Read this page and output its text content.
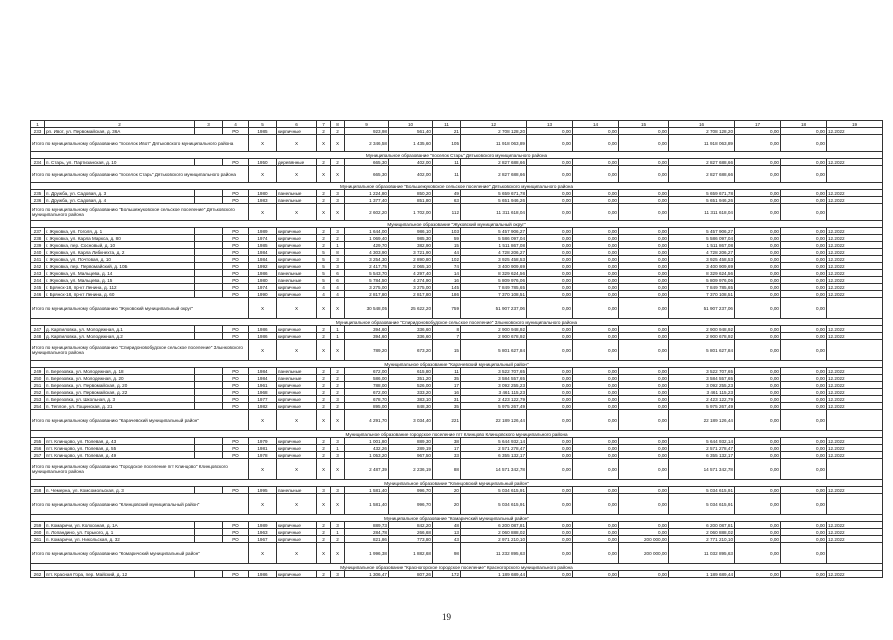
1	2	3	4	5	6	7	8	9	10	11	12	13	14	15	16	17	18	19
233	рп. Ивот, ул. Первомайская, д. 36А		РО	1985	кирпичные	2	2	923,98	561,40	21	2 708 128,20	0,00	0,00	0,00	2 708 128,20	0,00	0,00	12.2022
Итого по муниципальному образованию "поселок Ивот" Дятьковского муниципального района				X	X	X	X	2 346,58	1 435,60	105	11 918 063,89	0,00	0,00	0,00	11 918 063,89	0,00	0,00	
Муниципальное образование "поселок Старь" Дятьковского муниципального района																		
234	п. Старь, ул. Партизанская, д. 10		РО	1950	деревянные	2	2	665,30	402,00	11	2 827 688,66	0,00	0,00	0,00	2 827 688,66	0,00	0,00	12.2022
Итого по муниципальному образованию "поселок Старь" Дятьковского муниципального района				X	X	X	X	665,30	402,00	11	2 827 688,66	0,00	0,00	0,00	2 827 688,66	0,00	0,00	
Муниципальное образование "Большежуковское сельское поселение" Дятьковского муниципального района																		
235	п. Дружба, ул. Садовая, д. 3		РО	1980	панельные	2	3	1 224,80	850,20	49	5 659 671,78	0,00	0,00	0,00	5 659 671,78	0,00	0,00	12.2022
236	п. Дружба, ул. Садовая, д. 4		РО	1983	панельные	2	3	1 377,40	851,80	63	5 651 946,26	0,00	0,00	0,00	5 651 946,26	0,00	0,00	12.2022
Итого по муниципальному образованию "Большежуковское сельское поселение" Дятьковского муниципального района				X	X	X	X	2 602,20	1 702,00	112	11 311 618,04	0,00	0,00	0,00	11 311 618,04	0,00	0,00	
Муниципальное образование "Жуковский муниципальный округ"																		
237	г. Жуковка, ул. Гоголя, д. 1		РО	1989	кирпичные	2	3	1 644,00	986,10	103	5 457 906,27	0,00	0,00	0,00	5 457 906,27	0,00	0,00	12.2022
238	г. Жуковка, ул. Карла Маркса, д. 80		РО	1974	кирпичные	2	2	1 069,40	985,30	59	5 586 097,04	0,00	0,00	0,00	5 586 097,04	0,00	0,00	12.2022
239	г. Жуковка, пер. Сосновый, д. 10		РО	1985	кирпичные	2	1	429,70	382,90	15	1 511 867,08	0,00	0,00	0,00	1 511 867,08	0,00	0,00	12.2022
240	г. Жуковка, ул. Карла Либкнехта, д. 2		РО	1984	кирпичные	5	8	4 303,90	3 721,90	44	4 728 206,27	0,00	0,00	0,00	4 728 206,27	0,00	0,00	12.2022
241	г. Жуковка, ул. Почтовая, д. 10		РО	1984	кирпичные	5	3	3 254,30	2 890,80	102	3 925 458,53	0,00	0,00	0,00	3 925 458,53	0,00	0,00	12.2022
242	г. Жуковка, пер. Первомайский, д. 10Б		РО	1992	кирпичные	5	3	2 417,75	2 065,10	74	3 400 909,69	0,00	0,00	0,00	3 400 909,69	0,00	0,00	12.2022
243	г. Жуковка, ул. Мальцева, д. 14		РО	1986	панельные	5	6	5 543,70	4 297,40	14	8 329 624,56	0,00	0,00	0,00	8 329 624,56	0,00	0,00	12.2022
244	г. Жуковка, ул. Мальцева, д. 15		РО	1980	панельные	5	6	5 784,50	4 274,90	16	5 809 976,06	0,00	0,00	0,00	5 809 976,06	0,00	0,00	12.2022
245	г. Брянск-18, пр-кт Ленина, д. 112		РО	1974	кирпичные	4	4	3 275,00	3 275,00	145	7 849 785,65	0,00	0,00	0,00	7 849 785,65	0,00	0,00	12.2022
246	г. Брянск-18, пр-кт Ленина, д. 60		РО	1990	кирпичные	4	4	2 817,80	2 817,80	186	7 370 108,51	0,00	0,00	0,00	7 370 108,51	0,00	0,00	12.2022
Итого по муниципальному образованию "Жуковский муниципальный округ"				X	X	X	X	30 548,05	25 622,20	759	51 907 237,06	0,00	0,00	0,00	51 907 237,06	0,00	0,00	
Муниципальное образование "Спиридоновобудское сельское поселение" Злынковского муниципального района																		
247	д. Карпиловка, ул. Молодежная, д.1		РО	1986	кирпичные	2	1	394,60	336,60	8	2 900 948,92	0,00	0,00	0,00	2 900 948,92	0,00	0,00	12.2022
248	д. Карпиловка, ул. Молодежная, д.2		РО	1986	кирпичные	2	1	394,60	336,60	7	2 900 678,92	0,00	0,00	0,00	2 900 678,92	0,00	0,00	12.2022
Итого по муниципальному образованию "Спиридоновобудское сельское поселение" Злынковского муниципального района				X	X	X	X	789,20	673,20	15	5 801 627,84	0,00	0,00	0,00	5 801 627,84	0,00	0,00	
Муниципальное образование "Карачевский муниципальный район"																		
249	п. Березовка, ул. Молодежная, д. 18		РО	1984	панельные	2	2	672,00	615,80	11	3 522 707,65	0,00	0,00	0,00	3 522 707,65	0,00	0,00	12.2022
250	п. Березовка, ул. Молодежная, д. 20		РО	1984	панельные	2	2	586,00	351,20	35	3 584 557,65	0,00	0,00	0,00	3 584 557,65	0,00	0,00	12.2022
251	п. Березовка, ул. Первомайская, д. 20		РО	1961	кирпичные	2	2	788,00	526,00	17	3 092 255,23	0,00	0,00	0,00	3 092 255,23	0,00	0,00	12.2022
252	п. Березовка, ул. Первомайская, д. 22		РО	1968	кирпичные	2	2	672,00	333,20	16	3 461 115,23	0,00	0,00	0,00	3 461 115,23	0,00	0,00	12.2022
253	п. Березовка, ул. Школьная, д. 3		РО	1977	кирпичные	2	3	678,70	383,10	31	2 423 122,79	0,00	0,00	0,00	2 423 122,79	0,00	0,00	12.2022
254	п. Теплое, ул. Гощинская, д. 21		РО	1982	кирпичные	2	2	895,00	848,30	35	5 975 267,49	0,00	0,00	0,00	5 975 267,49	0,00	0,00	12.2022
Итого по муниципальному образованию "Карачевский муниципальный район"				X	X	X	X	4 291,70	3 034,40	221	22 189 126,44	0,00	0,00	0,00	22 189 126,44	0,00	0,00	
Муниципальное образование городское поселение пгт Клинцово Клинцовского муниципального района																		
255	пгт. Клинцово, ул. Полевая, д. 43		РО	1979	кирпичные	2	3	1 001,80	889,30	38	5 644 932,14	0,00	0,00	0,00	5 644 932,14	0,00	0,00	12.2022
256	пгт. Клинцово, ул. Полевая, д. 55		РО	1981	кирпичные	2	1	432,26	289,19	17	2 571 278,47	0,00	0,00	0,00	2 571 278,47	0,00	0,00	12.2022
257	пгт. Клинцово, ул. Полевая, д. 49		РО	1978	кирпичные	2	3	1 053,20	967,50	33	6 355 132,17	0,00	0,00	0,00	6 355 132,17	0,00	0,00	12.2022
Итого по муниципальному образованию "Городское поселение пгт Клинцово" Клинцовского муниципального района				X	X	X	X	2 487,39	2 236,19	88	14 571 342,78	0,00	0,00	0,00	14 571 342,78	0,00	0,00	
Муниципальное образование "Клинцовский муниципальный район"																		
258	п. Чемерна, ул. Комсомольская, д. 3		РО	1995	панельные	3	3	1 581,40	996,70	20	5 034 615,91	0,00	0,00	0,00	5 034 615,91	0,00	0,00	12.2022
Итого по муниципальному образованию "Клинцовский муниципальный район"				X	X	X	X	1 581,40	996,70	20	5 034 615,91	0,00	0,00	0,00	5 034 615,91	0,00	0,00	
Муниципальное образование "Комаричский муниципальный район"																		
259	п. Комаричи, ул. Колхозная, д. 1А		РО	1989	кирпичные	2	3	889,73	842,20	48	6 200 087,81	0,00	0,00	0,00	6 200 087,81	0,00	0,00	12.2022
260	п. Лопандино, ул. Горького, д. 1		РО	1963	кирпичные	2	1	284,78	266,68	13	2 060 888,02	0,00	0,00	0,00	2 060 888,02	0,00	0,00	12.2022
261	п. Комаричи, ул. Никольская, д. 32		РО	1967	кирпичные	2	2	821,86	773,80	43	2 971 210,10	0,00	0,00	200 000,00	2 771 210,10	0,00	0,00	12.2022
Итого по муниципальному образованию "Комаричский муниципальный район"				X	X	X	X	1 996,38	1 882,68	98	11 232 895,63	0,00	0,00	200 000,00	11 032 895,63	0,00	0,00	
Муниципальное образование "Красногорское городское поселение" Красногорского муниципального района																		
262	пгт. Красная Гора, пер. Майский, д. 12		РО	1986	кирпичные	2	3	1 306,47	807,26	172	1 189 689,44	0,00	0,00	0,00	1 189 689,44	0,00	0,00	12.2022
19
